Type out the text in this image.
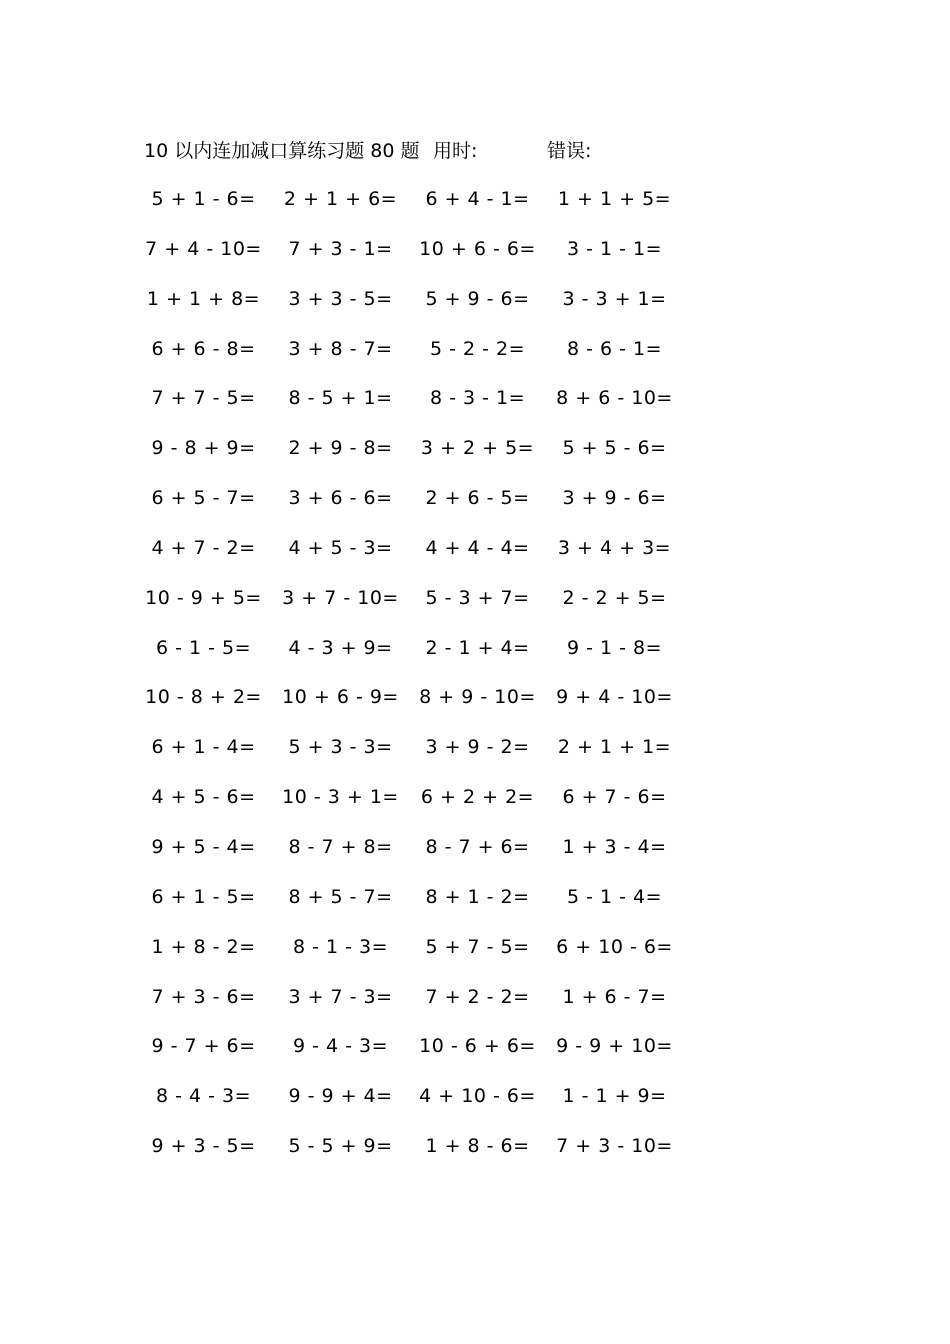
10 以内连加减口算练习题 80 题 用时:	错误:
5 + 1 - 6=	2 + 1 + 6=	6 + 4 - 1=	1 + 1 + 5=
7 + 4 - 10=	7 + 3 - 1=	10 + 6 - 6=	3 - 1 - 1=
1 + 1 + 8=	3 + 3 - 5=	5 + 9 - 6=	3 - 3 + 1=
6 + 6 - 8=	3 + 8 - 7=	5 - 2 - 2=	8 - 6 - 1=
7 + 7 - 5=	8 - 5 + 1=	8 - 3 - 1=	8 + 6 - 10=
9 - 8 + 9=	2 + 9 - 8=	3 + 2 + 5=	5 + 5 - 6=
6 + 5 - 7=	3 + 6 - 6=	2 + 6 - 5=	3 + 9 - 6=
4 + 7 - 2=	4 + 5 - 3=	4 + 4 - 4=	3 + 4 + 3=
10 - 9 + 5=	3 + 7 - 10=	5 - 3 + 7=	2 - 2 + 5=
6 - 1 - 5=	4 - 3 + 9=	2 - 1 + 4=	9 - 1 - 8=
10 - 8 + 2=	10 + 6 - 9=	8 + 9 - 10=	9 + 4 - 10=
6 + 1 - 4=	5 + 3 - 3=	3 + 9 - 2=	2 + 1 + 1=
4 + 5 - 6=	10 - 3 + 1=	6 + 2 + 2=	6 + 7 - 6=
9 + 5 - 4=	8 - 7 + 8=	8 - 7 + 6=	1 + 3 - 4=
6 + 1 - 5=	8 + 5 - 7=	8 + 1 - 2=	5 - 1 - 4=
1 + 8 - 2=	8 - 1 - 3=	5 + 7 - 5=	6 + 10 - 6=
7 + 3 - 6=	3 + 7 - 3=	7 + 2 - 2=	1 + 6 - 7=
9 - 7 + 6=	9 - 4 - 3=	10 - 6 + 6=	9 - 9 + 10=
8 - 4 - 3=	9 - 9 + 4=	4 + 10 - 6=	1 - 1 + 9=
9 + 3 - 5=	5 - 5 + 9=	1 + 8 - 6=	7 + 3 - 10=
